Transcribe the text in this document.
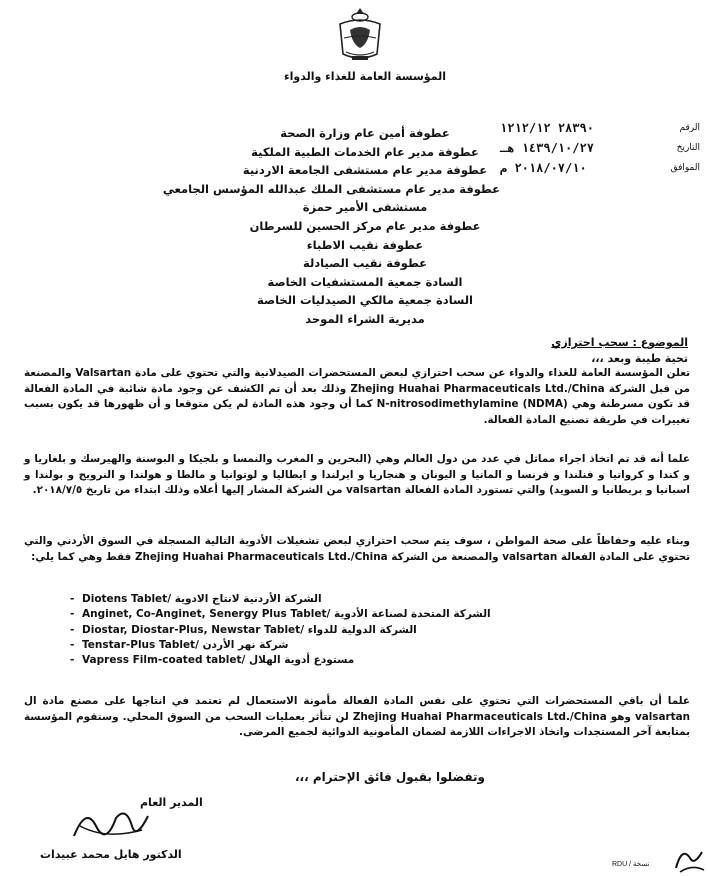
المؤسسة العامة للغذاء والدواء
الرقم
٢٨٣٩٠ ١٢١٢/١٢
التاريخ
١٤٣٩/١٠/٢٧ هـ
الموافق
٢٠١٨/٠٧/١٠ م
عطوفة أمين عام وزارة الصحة
عطوفة مدير عام الخدمات الطبية الملكية
عطوفة مدير عام مستشفى الجامعة الاردنية
عطوفة مدير عام مستشفى الملك عبدالله المؤسس الجامعي
مستشفى الأمير حمزة
عطوفة مدير عام مركز الحسين للسرطان
عطوفة نقيب الاطباء
عطوفة نقيب الصيادلة
السادة جمعية المستشفيات الخاصة
السادة جمعية مالكي الصيدليات الخاصة
مديرية الشراء الموحد
الموضوع : سحب احترازي
تحية طيبة وبعد ،،،
تعلن المؤسسة العامة للغذاء والدواء عن سحب احترازي لبعض المستحضرات الصيدلانية والتي تحتوي على مادة Valsartan والمصنعة من قبل الشركة Zhejing Huahai Pharmaceuticals Ltd./China وذلك بعد أن تم الكشف عن وجود مادة شائبة في المادة الفعالة قد تكون مسرطنة وهي N-nitrosodimethylamine (NDMA) كما أن وجود هذه المادة لم يكن متوقعا و أن ظهورها قد يكون بسبب تغييرات في طريقة تصنيع المادة الفعالة.
علما أنه قد تم اتخاذ اجراء مماثل في عدد من دول العالم وهي (البحرين و المغرب والنمسا و بلجيكا و البوسنة والهيرسك و بلغاريا و و كندا و كرواتيا و فنلندا و فرنسا و المانيا و اليونان و هنجاريا و ايرلندا و ايطاليا و لوتوانيا و مالطا و هولندا و النرويج و بولندا و اسبانيا و بريطانيا و السويد) والتي تستورد المادة الفعالة valsartan من الشركة المشار إليها أعلاه وذلك ابتداء من تاريخ ٢٠١٨/٧/٥.
وبناء عليه وحفاظاً على صحة المواطن ، سوف يتم سحب احترازي لبعض تشغيلات الأدوية التالية المسجلة في السوق الأردني والتي تحتوي على المادة الفعالة valsartan والمصنعة من الشركة Zhejing Huahai Pharmaceuticals Ltd./China فقط وهي كما يلي:
- Diotens Tablet / الشركة الأردنية لانتاج الادوية
- Anginet, Co-Anginet, Senergy Plus Tablet / الشركة المتحدة لصناعة الأدوية
- Diostar, Diostar-Plus, Newstar Tablet / الشركة الدولية للدواء
- Tenstar-Plus Tablet / شركة نهر الأردن
- Vapress Film-coated tablet / مستودع أدوية الهلال
علما أن باقي المستحضرات التي تحتوي على نفس المادة الفعالة مأمونة الاستعمال لم تعتمد في انتاجها على مصنع مادة ال valsartan وهو Zhejing Huahai Pharmaceuticals Ltd./China لن تتأثر بعمليات السحب من السوق المحلي. وستقوم المؤسسة بمتابعة آخر المستجدات واتخاذ الاجراءات اللازمة لضمان المأمونية الدوائية لجميع المرضى.
وتفضلوا بقبول فائق الإحترام ،،،
المدير العام
الدكتور هايل محمد عبيدات
RDU / نسخة
